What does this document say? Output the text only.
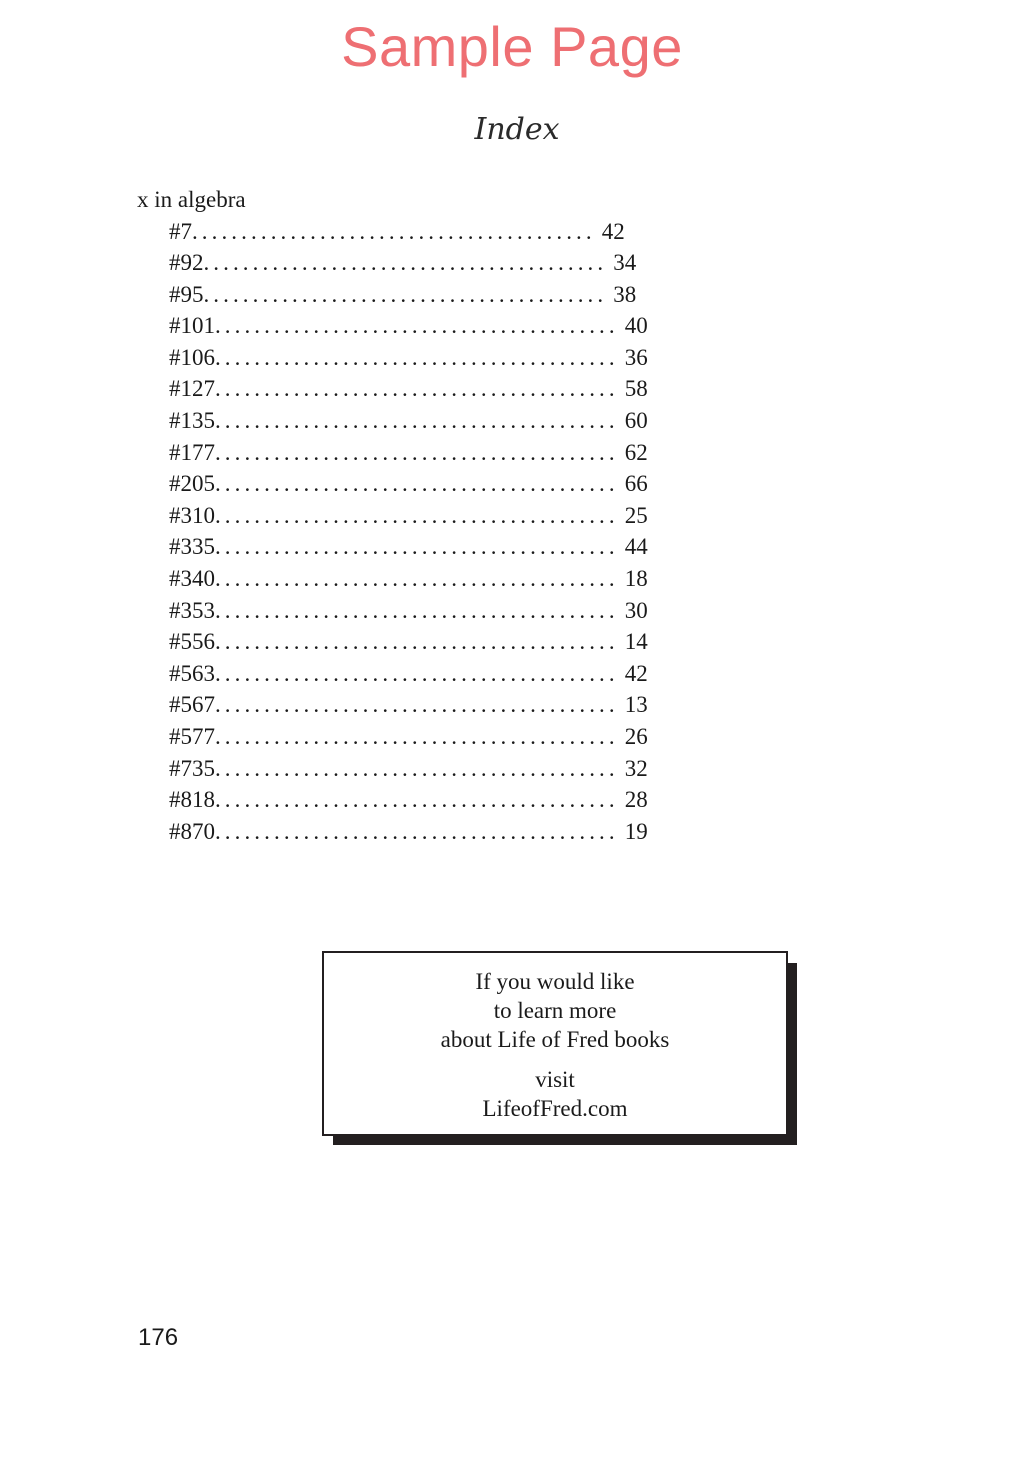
Sample Page
Index
x in algebra
#7. ........................................ 42
#92. ........................................ 34
#95. ........................................ 38
#101. ........................................ 40
#106. ........................................ 36
#127. ........................................ 58
#135. ........................................ 60
#177. ........................................ 62
#205. ........................................ 66
#310. ........................................ 25
#335. ........................................ 44
#340. ........................................ 18
#353. ........................................ 30
#556. ........................................ 14
#563. ........................................ 42
#567. ........................................ 13
#577. ........................................ 26
#735. ........................................ 32
#818. ........................................ 28
#870. ........................................ 19
If you would like
to learn more
about Life of Fred books
visit
LifeofFred.com
176
